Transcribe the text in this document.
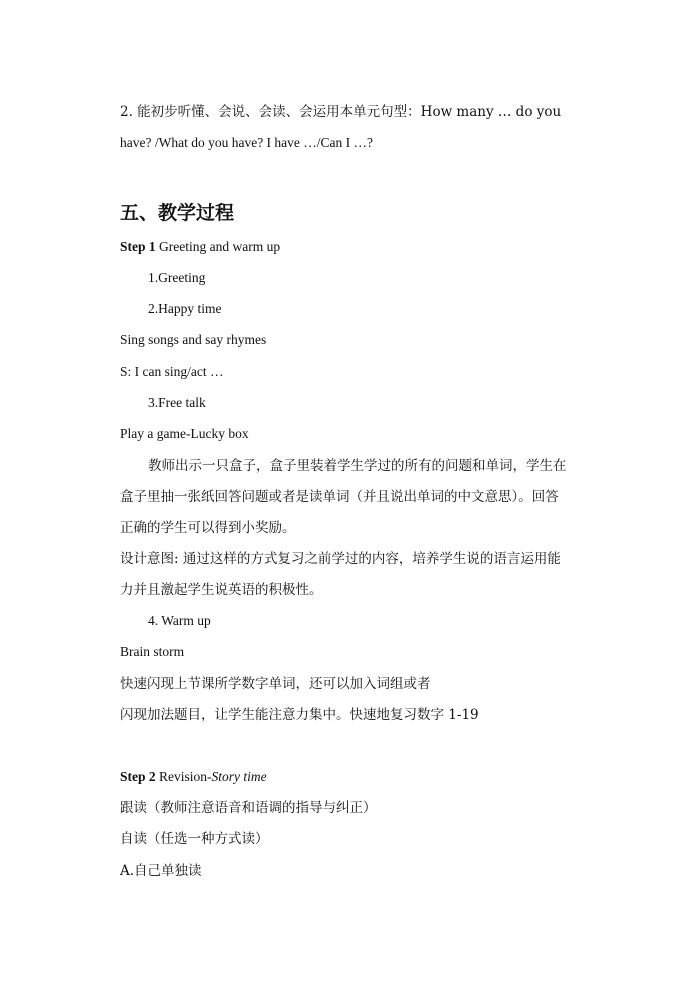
2. 能初步听懂、会说、会读、会运用本单元句型：How many … do you
have? /What do you have? I have …/Can I …?
五、教学过程
Step 1 Greeting and warm up
1.Greeting
2.Happy time
Sing songs and say rhymes
S: I can sing/act …
3.Free talk
Play a game-Lucky box
教师出示一只盒子，盒子里装着学生学过的所有的问题和单词，学生在
盒子里抽一张纸回答问题或者是读单词（并且说出单词的中文意思）。回答
正确的学生可以得到小奖励。
设计意图: 通过这样的方式复习之前学过的内容，培养学生说的语言运用能
力并且激起学生说英语的积极性。
4. Warm up
Brain storm
快速闪现上节课所学数字单词，还可以加入词组或者
闪现加法题目，让学生能注意力集中。快速地复习数字 1-19
Step 2 Revision-Story time
跟读（教师注意语音和语调的指导与纠正）
自读（任选一种方式读）
A.自己单独读
